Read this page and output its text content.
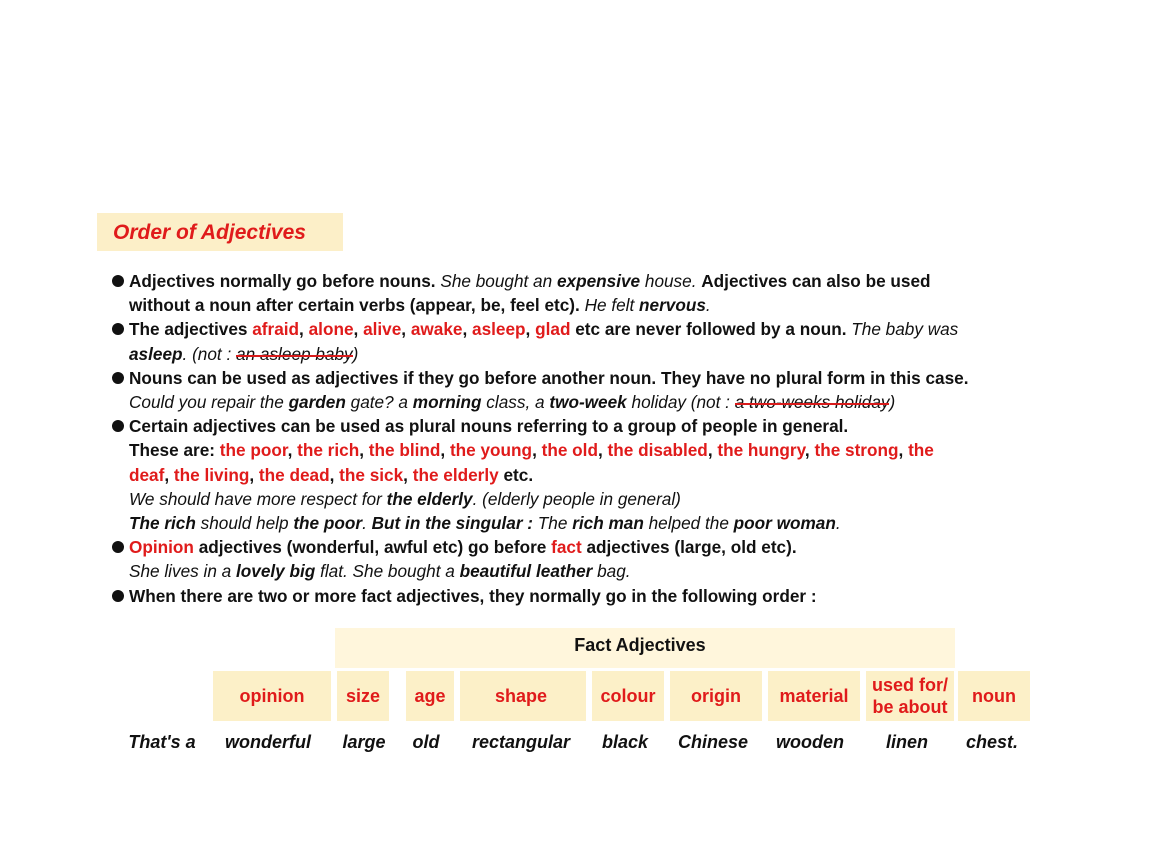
Order of Adjectives
Adjectives normally go before nouns. She bought an expensive house. Adjectives can also be used
without a noun after certain verbs (appear, be, feel etc). He felt nervous.
The adjectives afraid, alone, alive, awake, asleep, glad etc are never followed by a noun. The baby was
asleep. (not : an asleep baby)
Nouns can be used as adjectives if they go before another noun. They have no plural form in this case.
Could you repair the garden gate? a morning class, a two-week holiday (not : a two-weeks holiday)
Certain adjectives can be used as plural nouns referring to a group of people in general.
These are: the poor, the rich, the blind, the young, the old, the disabled, the hungry, the strong, the
deaf, the living, the dead, the sick, the elderly etc.
We should have more respect for the elderly. (elderly people in general)
The rich should help the poor. But in the singular : The rich man helped the poor woman.
Opinion adjectives (wonderful, awful etc) go before fact adjectives (large, old etc).
She lives in a lovely big flat. She bought a beautiful leather bag.
When there are two or more fact adjectives, they normally go in the following order :
Fact Adjectives
opinion
wonderful
size
large
age
old
shape
rectangular
colour
black
origin
Chinese
material
wooden
used for/ be about
linen
noun
chest.
That's a
